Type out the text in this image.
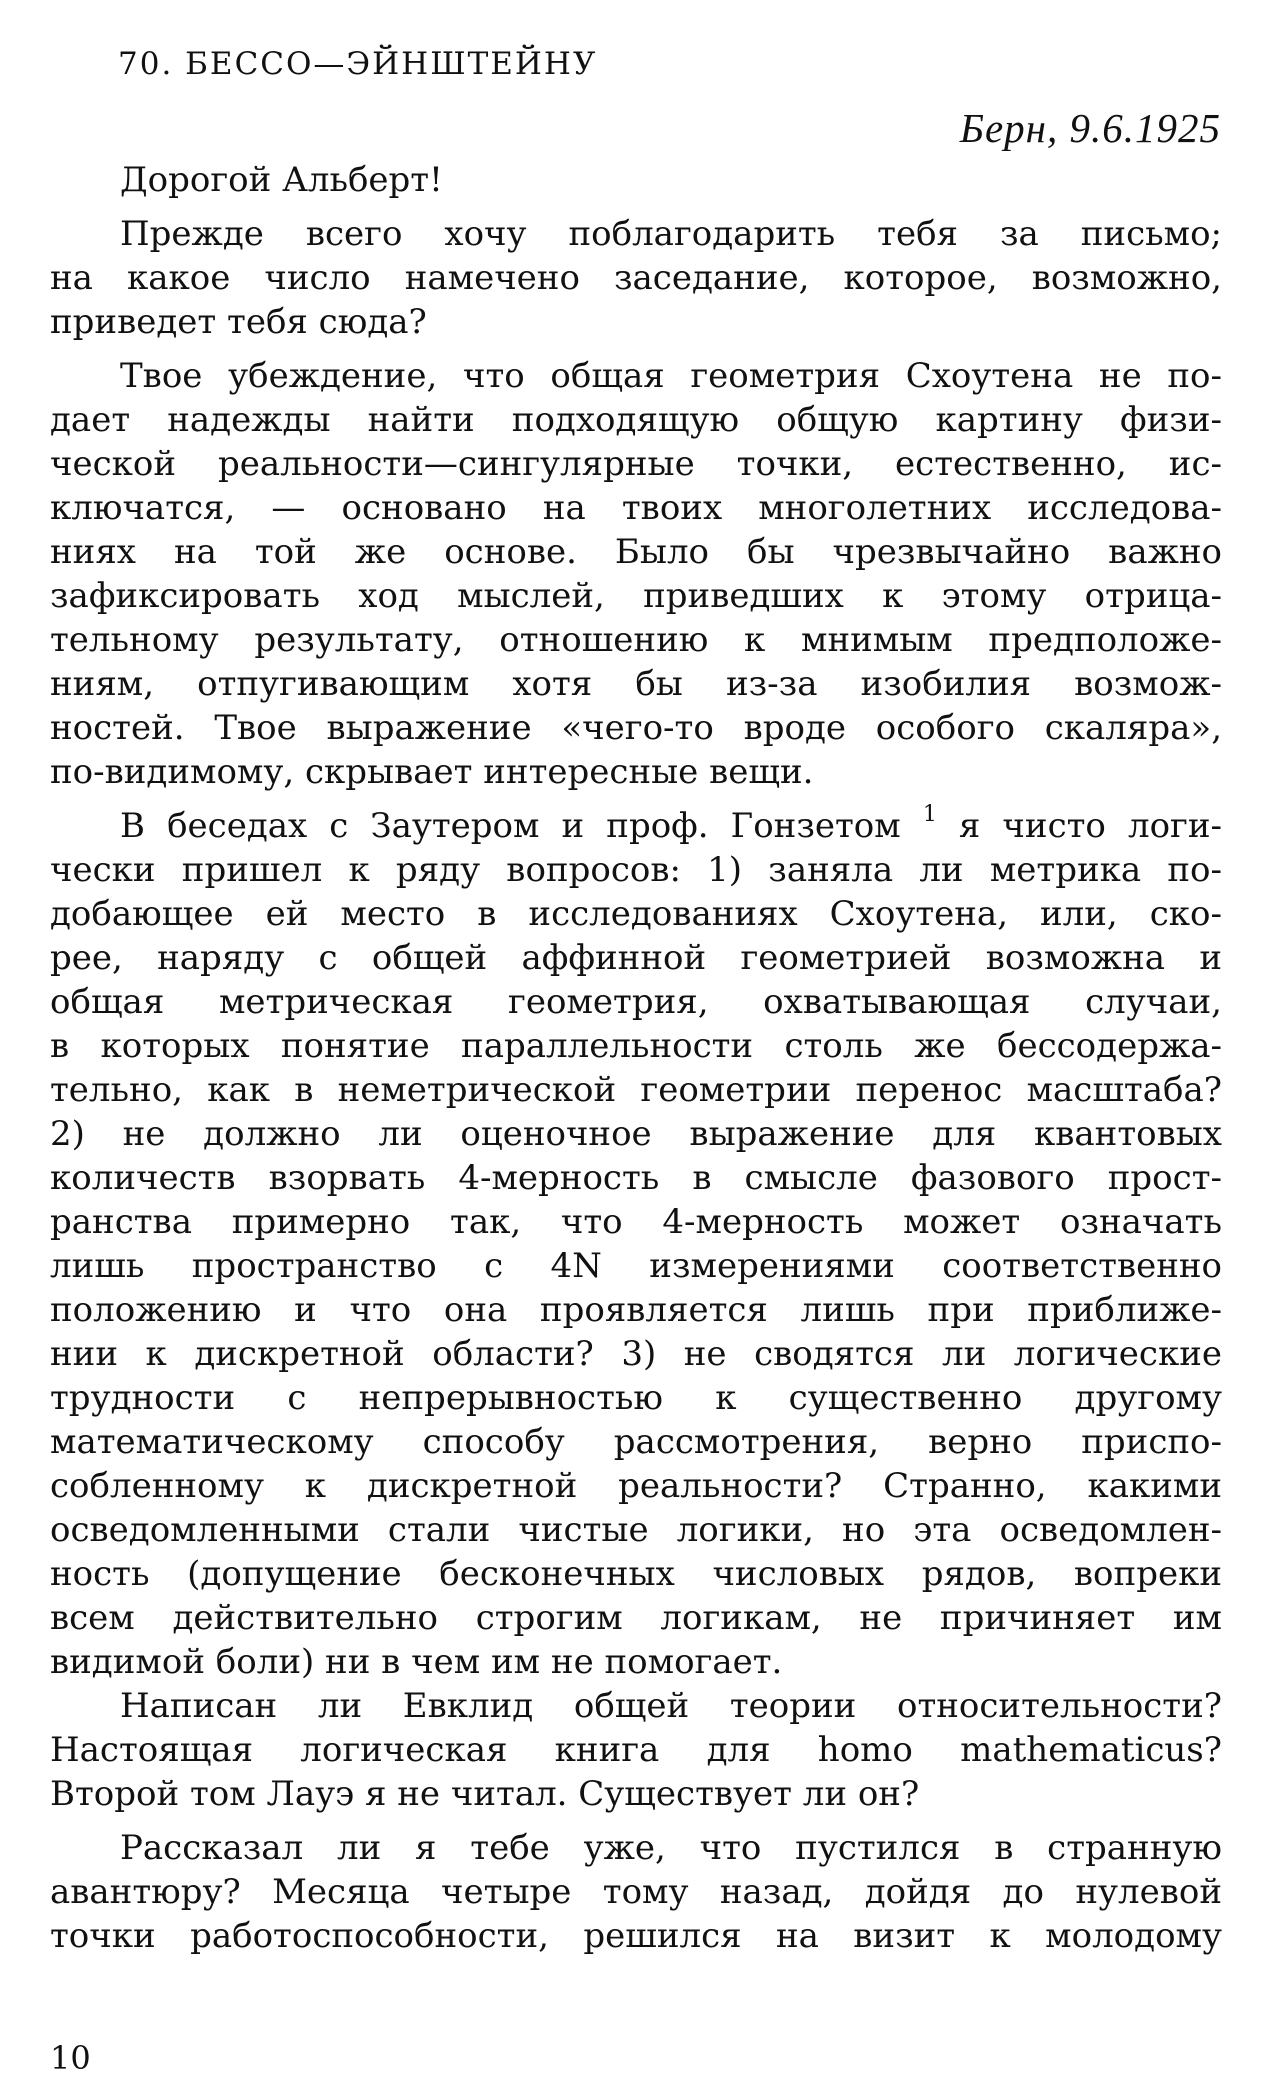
70. БЕССО—ЭЙНШТЕЙНУ
Берн, 9.6.1925
Дорогой Альберт!
Прежде всего хочу поблагодарить тебя за письмо;
на какое число намечено заседание, которое, возможно,
приведет тебя сюда?
Твое убеждение, что общая геометрия Схоутена не по-
дает надежды найти подходящую общую картину физи-
ческой реальности—сингулярные точки, естественно, ис-
ключатся, — основано на твоих многолетних исследова-
ниях на той же основе. Было бы чрезвычайно важно
зафиксировать ход мыслей, приведших к этому отрица-
тельному результату, отношению к мнимым предположе-
ниям, отпугивающим хотя бы из-за изобилия возмож-
ностей. Твое выражение «чего-то вроде особого скаляра»,
по-видимому, скрывает интересные вещи.
В беседах с Заутером и проф. Гонзетом $^1$ я чисто логи-
чески пришел к ряду вопросов: 1) заняла ли метрика по-
добающее ей место в исследованиях Схоутена, или, ско-
рее, наряду с общей аффинной геометрией возможна и
общая метрическая геометрия, охватывающая случаи,
в которых понятие параллельности столь же бессодержа-
тельно, как в неметрической геометрии перенос масштаба?
2) не должно ли оценочное выражение для квантовых
количеств взорвать 4-мерность в смысле фазового прост-
ранства примерно так, что 4-мерность может означать
лишь пространство с 4N измерениями соответственно
положению и что она проявляется лишь при приближе-
нии к дискретной области? 3) не сводятся ли логические
трудности с непрерывностью к существенно другому
математическому способу рассмотрения, верно приспо-
собленному к дискретной реальности? Странно, какими
осведомленными стали чистые логики, но эта осведомлен-
ность (допущение бесконечных числовых рядов, вопреки
всем действительно строгим логикам, не причиняет им
видимой боли) ни в чем им не помогает.
Написан ли Евклид общей теории относительности?
Настоящая логическая книга для homo mathematicus?
Второй том Лауэ я не читал. Существует ли он?
Рассказал ли я тебе уже, что пустился в странную
авантюру? Месяца четыре тому назад, дойдя до нулевой
точки работоспособности, решился на визит к молодому
10
